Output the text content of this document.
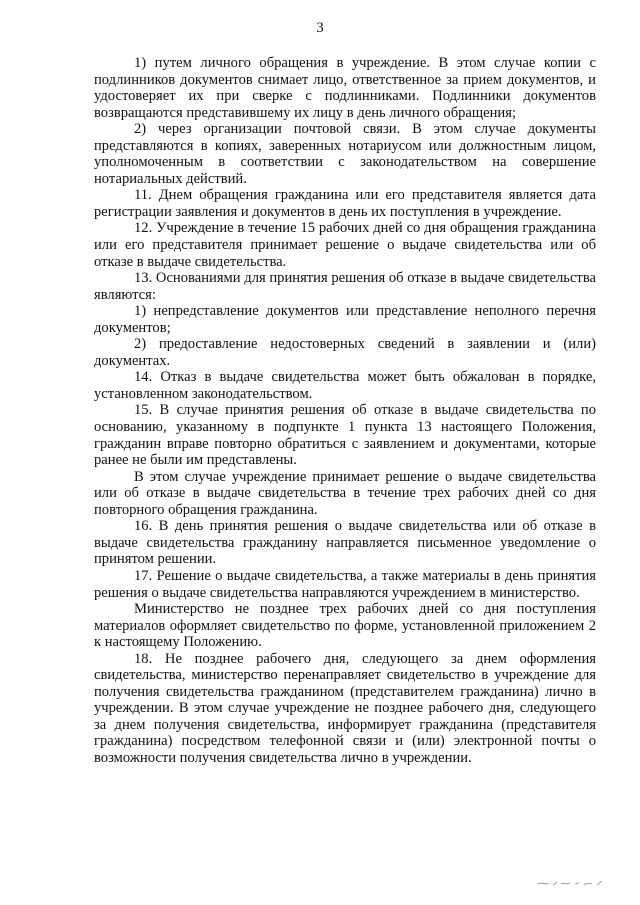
3

1) путем личного обращения в учреждение. В этом случае копии с подлинников документов снимает лицо, ответственное за прием документов, и удостоверяет их при сверке с подлинниками. Подлинники документов возвращаются представившему их лицу в день личного обращения;

2) через организации почтовой связи. В этом случае документы представляются в копиях, заверенных нотариусом или должностным лицом, уполномоченным в соответствии с законодательством на совершение нотариальных действий.

11. Днем обращения гражданина или его представителя является дата регистрации заявления и документов в день их поступления в учреждение.

12. Учреждение в течение 15 рабочих дней со дня обращения гражданина или его представителя принимает решение о выдаче свидетельства или об отказе в выдаче свидетельства.

13. Основаниями для принятия решения об отказе в выдаче свидетельства являются:

1) непредставление документов или представление неполного перечня документов;

2) предоставление недостоверных сведений в заявлении и (или) документах.

14. Отказ в выдаче свидетельства может быть обжалован в порядке, установленном законодательством.

15. В случае принятия решения об отказе в выдаче свидетельства по основанию, указанному в подпункте 1 пункта 13 настоящего Положения, гражданин вправе повторно обратиться с заявлением и документами, которые ранее не были им представлены.

В этом случае учреждение принимает решение о выдаче свидетельства или об отказе в выдаче свидетельства в течение трех рабочих дней со дня повторного обращения гражданина.

16. В день принятия решения о выдаче свидетельства или об отказе в выдаче свидетельства гражданину направляется письменное уведомление о принятом решении.

17. Решение о выдаче свидетельства, а также материалы в день принятия решения о выдаче свидетельства направляются учреждением в министерство.

Министерство не позднее трех рабочих дней со дня поступления материалов оформляет свидетельство по форме, установленной приложением 2 к настоящему Положению.

18. Не позднее рабочего дня, следующего за днем оформления свидетельства, министерство перенаправляет свидетельство в учреждение для получения свидетельства гражданином (представителем гражданина) лично в учреждении. В этом случае учреждение не позднее рабочего дня, следующего за днем получения свидетельства, информирует гражданина (представителя гражданина) посредством телефонной связи и (или) электронной почты о возможности получения свидетельства лично в учреждении.
